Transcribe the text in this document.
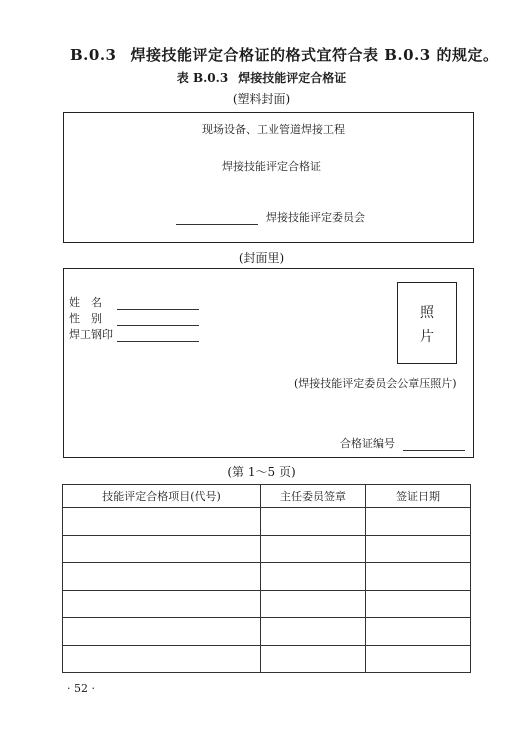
B.0.3 焊接技能评定合格证的格式宜符合表 B.0.3 的规定。
表 B.0.3 焊接技能评定合格证
(塑料封面)
现场设备、工业管道焊接工程
焊接技能评定合格证
焊接技能评定委员会
(封面里)
姓　名
性　别
焊工钢印
照
片
(焊接技能评定委员会公章压照片)
合格证编号
(第 1～5 页)
技能评定合格项目(代号)	主任委员签章	签证日期

· 52 ·
